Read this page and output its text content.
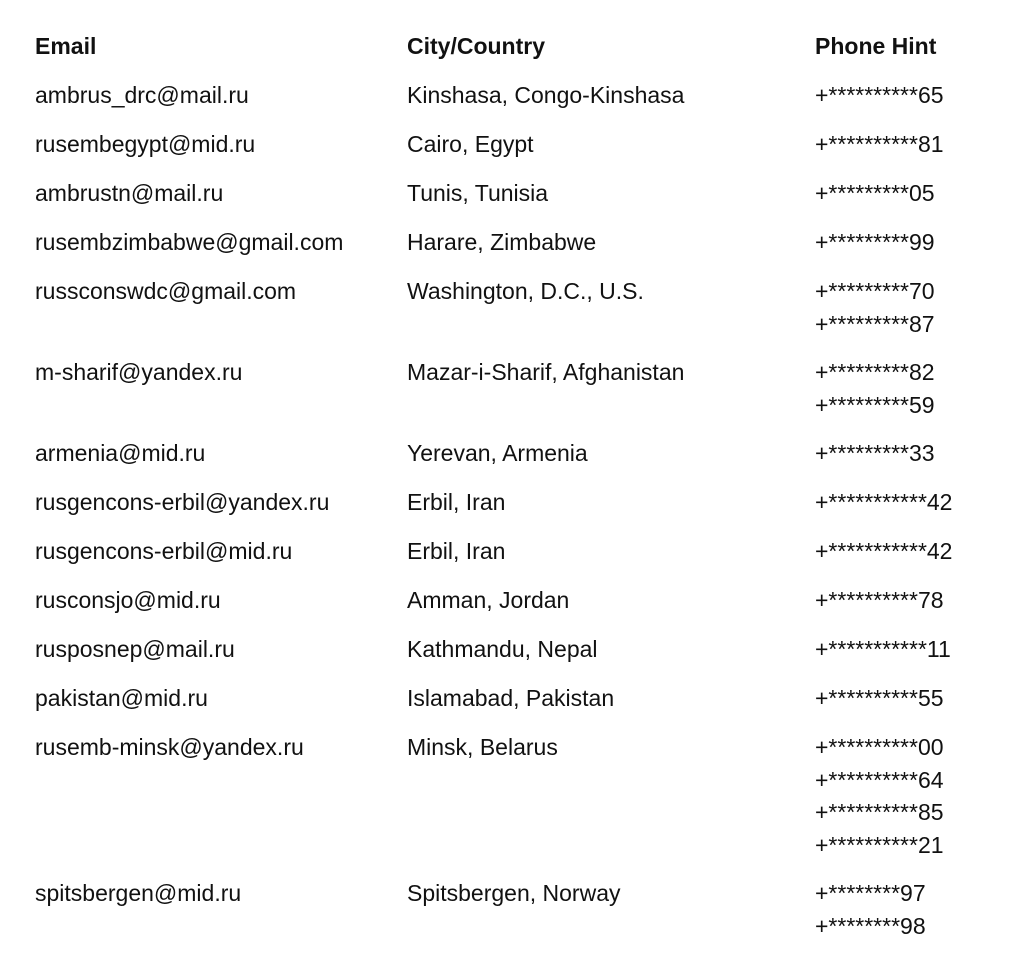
Email	City/Country	Phone Hint
ambrus_drc@mail.ru	Kinshasa, Congo-Kinshasa	+**********65
rusembegypt@mid.ru	Cairo, Egypt	+**********81
ambrustn@mail.ru	Tunis, Tunisia	+*********05
rusembzimbabwe@gmail.com	Harare, Zimbabwe	+*********99
russconswdc@gmail.com	Washington, D.C., U.S.	+*********70
+*********87
m-sharif@yandex.ru	Mazar-i-Sharif, Afghanistan	+*********82
+*********59
armenia@mid.ru	Yerevan, Armenia	+*********33
rusgencons-erbil@yandex.ru	Erbil, Iran	+***********42
rusgencons-erbil@mid.ru	Erbil, Iran	+***********42
rusconsjo@mid.ru	Amman, Jordan	+**********78
rusposnep@mail.ru	Kathmandu, Nepal	+***********11
pakistan@mid.ru	Islamabad, Pakistan	+**********55
rusemb-minsk@yandex.ru	Minsk, Belarus	+**********00
+**********64
+**********85
+**********21
spitsbergen@mid.ru	Spitsbergen, Norway	+********97
+********98
